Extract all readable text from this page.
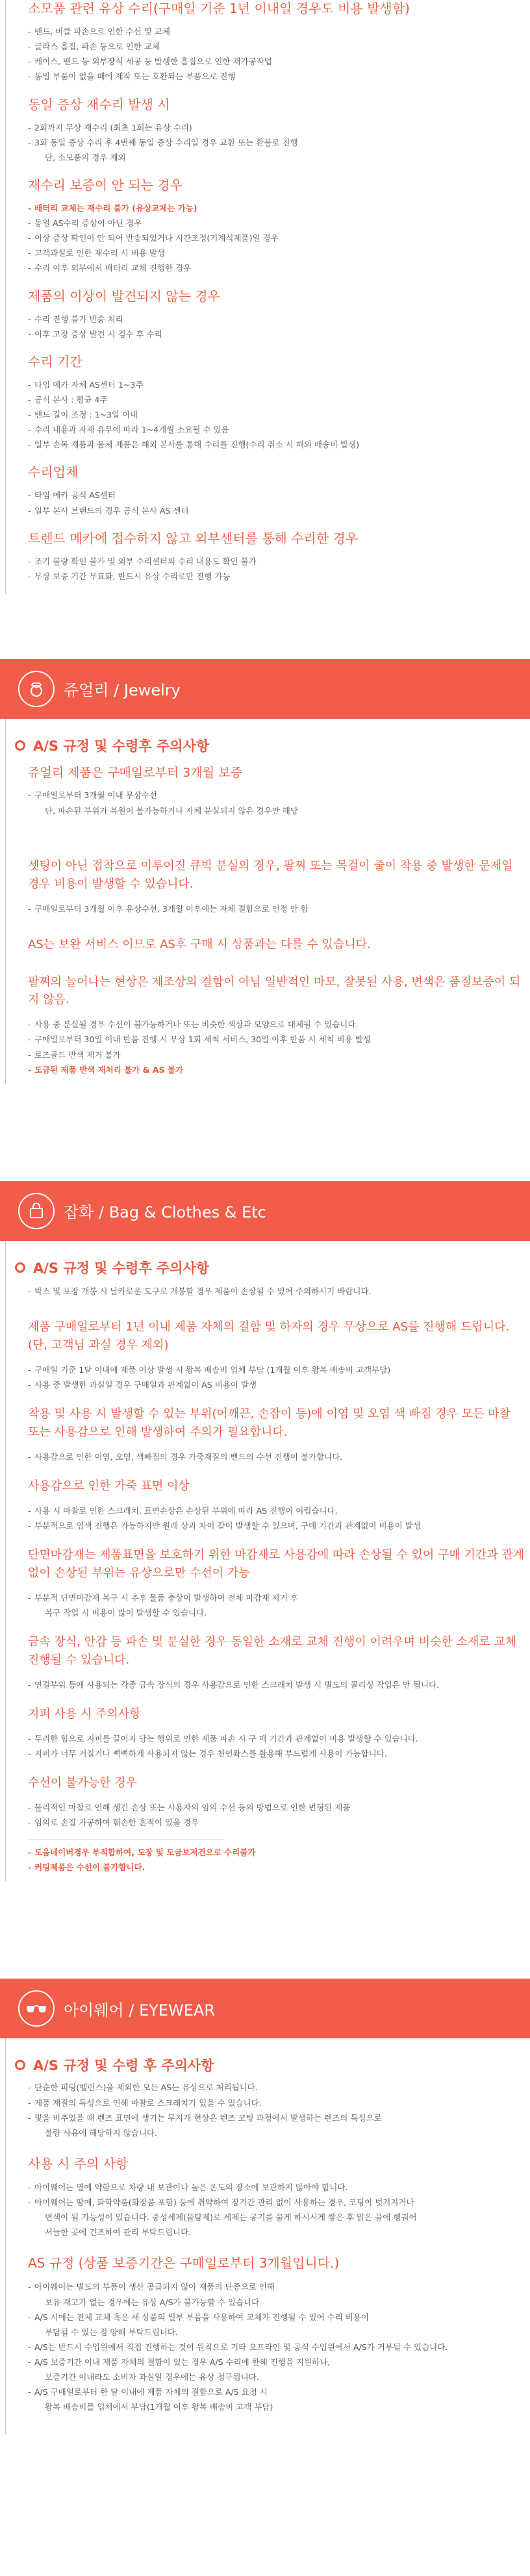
소모품 관련 유상 수리(구매일 기준 1년 이내일 경우도 비용 발생함)
- 밴드, 버클 파손으로 인한 수선 및 교체
- 글라스 흠집, 파손 등으로 인한 교체
- 케이스, 밴드 등 외부장식 세공 등 발생한 흠집으로 인한 재가공작업
- 동일 부품이 없을 때에 제작 또는 호환되는 부품으로 진행
동일 증상 재수리 발생 시
- 2회까지 무상 재수리 (최초 1회는 유상 수리)
- 3회 동일 증상 수리 후 4번째 동일 증상 수리일 경우 교환 또는 환불로 진행
단, 소모품의 경우 제외
재수리 보증이 안 되는 경우
- 배터리 교체는 재수리 불가 (유상교체는 가능)
- 동일 AS수리 증상이 아닌 경우
- 이상 증상 확인이 안 되어 반송되었거나 시간조정(기계식제품)일 경우
- 고객과실로 인한 재수리 시 비용 발생
- 수리 이후 외부에서 배터리 교체 진행한 경우
제품의 이상이 발견되지 않는 경우
- 수리 진행 불가 반송 처리
- 이후 고장 증상 발견 시 검수 후 수리
수리 기간
- 타임 메카 자체 AS센터 1~3주
- 공식 본사 : 평균 4주
- 밴드 길이 조정 : 1~3일 이내
- 수리 내용과 자재 유무에 따라 1~4개월 소요될 수 있음
- 일부 손목 제품과 몸체 제품은 해외 본사를 통해 수리를 진행(수리 취소 시 해외 배송비 발생)
수리업체
- 타임 메카 공식 AS센터
- 일부 본사 브랜드의 경우 공식 본사 AS 센터
트렌드 메카에 접수하지 않고 외부센터를 통해 수리한 경우
- 조기 불량 확인 불가 및 외부 수리센터의 수리 내용도 확인 불가
- 무상 보증 기간 무효화, 반드시 유상 수리로만 진행 가능
쥬얼리 / Jewelry
A/S 규정 및 수령후 주의사항
쥬얼리 제품은 구매일로부터 3개월 보증
- 구매일로부터 3개월 이내 무상수선
단, 파손된 부위가 복원이 불가능하거나 자체 분실되지 않은 경우만 해당
셋팅이 아닌 접착으로 이루어진 큐빅 분실의 경우, 팔찌 또는 목걸이 줄이 착용 중 발생한 문제일 경우 비용이 발생할 수 있습니다.
- 구매일로부터 3개월 이후 유상수선, 3개월 이후에는 자체 결함으로 인정 안 함
AS는 보완 서비스 이므로 AS후 구매 시 상품과는 다를 수 있습니다.
팔찌의 늘어나는 현상은 제조상의 결함이 아님 일반적인 마모, 잘못된 사용, 변색은 품질보증이 되지 않음.
- 사용 중 분실될 경우 수선이 불가능하거나 또는 비슷한 색상과 모양으로 대체될 수 있습니다.
- 구매일로부터 30일 이내 반품 진행 시 무상 1회 세척 서비스, 30일 이후 반품 시 세척 비용 발생
- 로즈골드 반색 제거 불가
- 도금된 제품 반색 재처리 불가 & AS 불가
잡화 / Bag & Clothes & Etc
A/S 규정 및 수령후 주의사항
- 박스 및 포장 개봉 시 날카로운 도구로 개봉할 경우 제품이 손상될 수 있어 주의하시기 바랍니다.
제품 구매일로부터 1년 이내 제품 자체의 결함 및 하자의 경우 무상으로 AS를 진행해 드립니다. (단, 고객님 과실 경우 제외)
- 구매일 기준 1달 이내에 제품 이상 발생 시 왕복 배송비 업체 부담 (1개월 이후 왕복 배송비 고객부담)
- 사용 중 발생한 과실일 경우 구매일과 관계없이 AS 비용이 발생
착용 및 사용 시 발생할 수 있는 부위(어깨끈, 손잡이 등)에 이염 및 오염 색 빠짐 경우 모든 마찰 또는 사용감으로 인해 발생하여 주의가 필요합니다.
- 사용감으로 인한 이염, 오염, 색빠짐의 경우 가죽재질의 밴드의 수선 진행이 불가합니다.
사용감으로 인한 가죽 표면 이상
- 사용 시 마찰로 인한 스크래치, 표면손상은 손상된 부위에 따라 AS 진행이 어렵습니다.
- 부분적으로 염색 진행은 가능하지만 원래 상과 차이 같이 발생할 수 있으며, 구매 기간과 관계없이 비용이 발생
단면마감재는 제품표면을 보호하기 위한 마감재로 사용감에 따라 손상될 수 있어 구매 기간과 관계없이 손상된 부위는 유상으로만 수선이 가능
- 부분적 단면마감재 복구 시 추후 물품 충상이 발생하여 전체 마감재 제거 후
복구 작업 시 비용이 많이 발생할 수 있습니다.
금속 장식, 안감 등 파손 및 분실한 경우 동일한 소재로 교체 진행이 어려우며 비슷한 소재로 교체 진행될 수 있습니다.
- 연결부위 등에 사용되는 각종 금속 장식의 경우 사용감으로 인한 스크래치 발생 시 별도의 콜리싱 작업은 안 됩니다.
지퍼 사용 시 주의사항
- 무리한 힘으로 지퍼를 끌어지 당는 행위로 인한 제품 파손 시 구 매 기간과 관계없이 비용 발생할 수 있습니다.
- 지퍼가 너무 거칠거나 뻑뻑하게 사용되지 않는 경우 천연왁스를 활용해 부드럽게 사용이 가능합니다.
수선이 불가능한 경우
- 물리적인 마찰로 인해 생긴 손상 또는 사용자의 임의 수선 등의 방법으로 인한 변형된 제품
- 임의로 손질 가공하여 훼손한 흔적이 있을 경우
- 도움네이버경우 부적합하여, 도장 및 도금보저건으로 수리불가
- 커팅제품은 수선이 불가합니다.
아이웨어 / EYEWEAR
A/S 규정 및 수령 후 주의사항
- 단순한 피팅(벨런스)을 제외한 모든 AS는 유상으로 처리됩니다.
- 제품 재질의 특성으로 인해 마찰로 스크래치가 있을 수 있습니다.
- 빛을 비추었을 때 렌즈 표면에 생기는 무지개 현상은 렌즈 코팅 과정에서 발생하는 렌즈의 특성으로
불량 사유에 해당하지 않습니다.
사용 시 주의 사항
- 아이웨어는 열에 약함으로 차량 내 보관이나 높은 온도의 장소에 보관하지 않아야 합니다.
- 아이웨어는 땀에, 화학약품(화장품 포함) 등에 취약하여 장기간 관리 없이 사용하는 경우, 코팅이 벗겨지거나
변색이 될 가능성이 있습니다. 중성세제(물탐제)로 세제는 공기를 물게 하시시게 쌓은 후 맑은 물에 행궈어
서늘한 곳에 건조하여 관리 부탁드립니다.
AS 규정 (상품 보증기간은 구매일로부터 3개월입니다.)
- 아이웨어는 별도의 부품이 생산 공급되지 않아 제품의 단종으로 인해
보유 재고가 없는 경우에는 유상 A/S가 불가능할 수 있습니다
- A/S 시에는 전체 교체 혹은 새 상품의 일부 부품을 사용하여 교체가 진행될 수 있어 수리 비용이
부담될 수 있는 점 양해 부탁드립니다.
- A/S는 반드시 수입원에서 직접 진행하는 것이 원칙으로 기타 오프라인 및 공식 수입원에서 A/S가 거부될 수 있습니다.
- A/S 보증기간 이내 제품 자체의 결함이 있는 경우 A/S 수리에 한해 진행을 지원하나,
보증기간 이내라도 소비자 과실일 경우에는 유상 청구됩니다.
- A/S 구매일로부터 한 달 이내에 제품 자체의 결함으로 A/S 요청 시
왕복 배송비를 업체에서 부담(1개월 이후 왕복 배송비 고객 부담)
